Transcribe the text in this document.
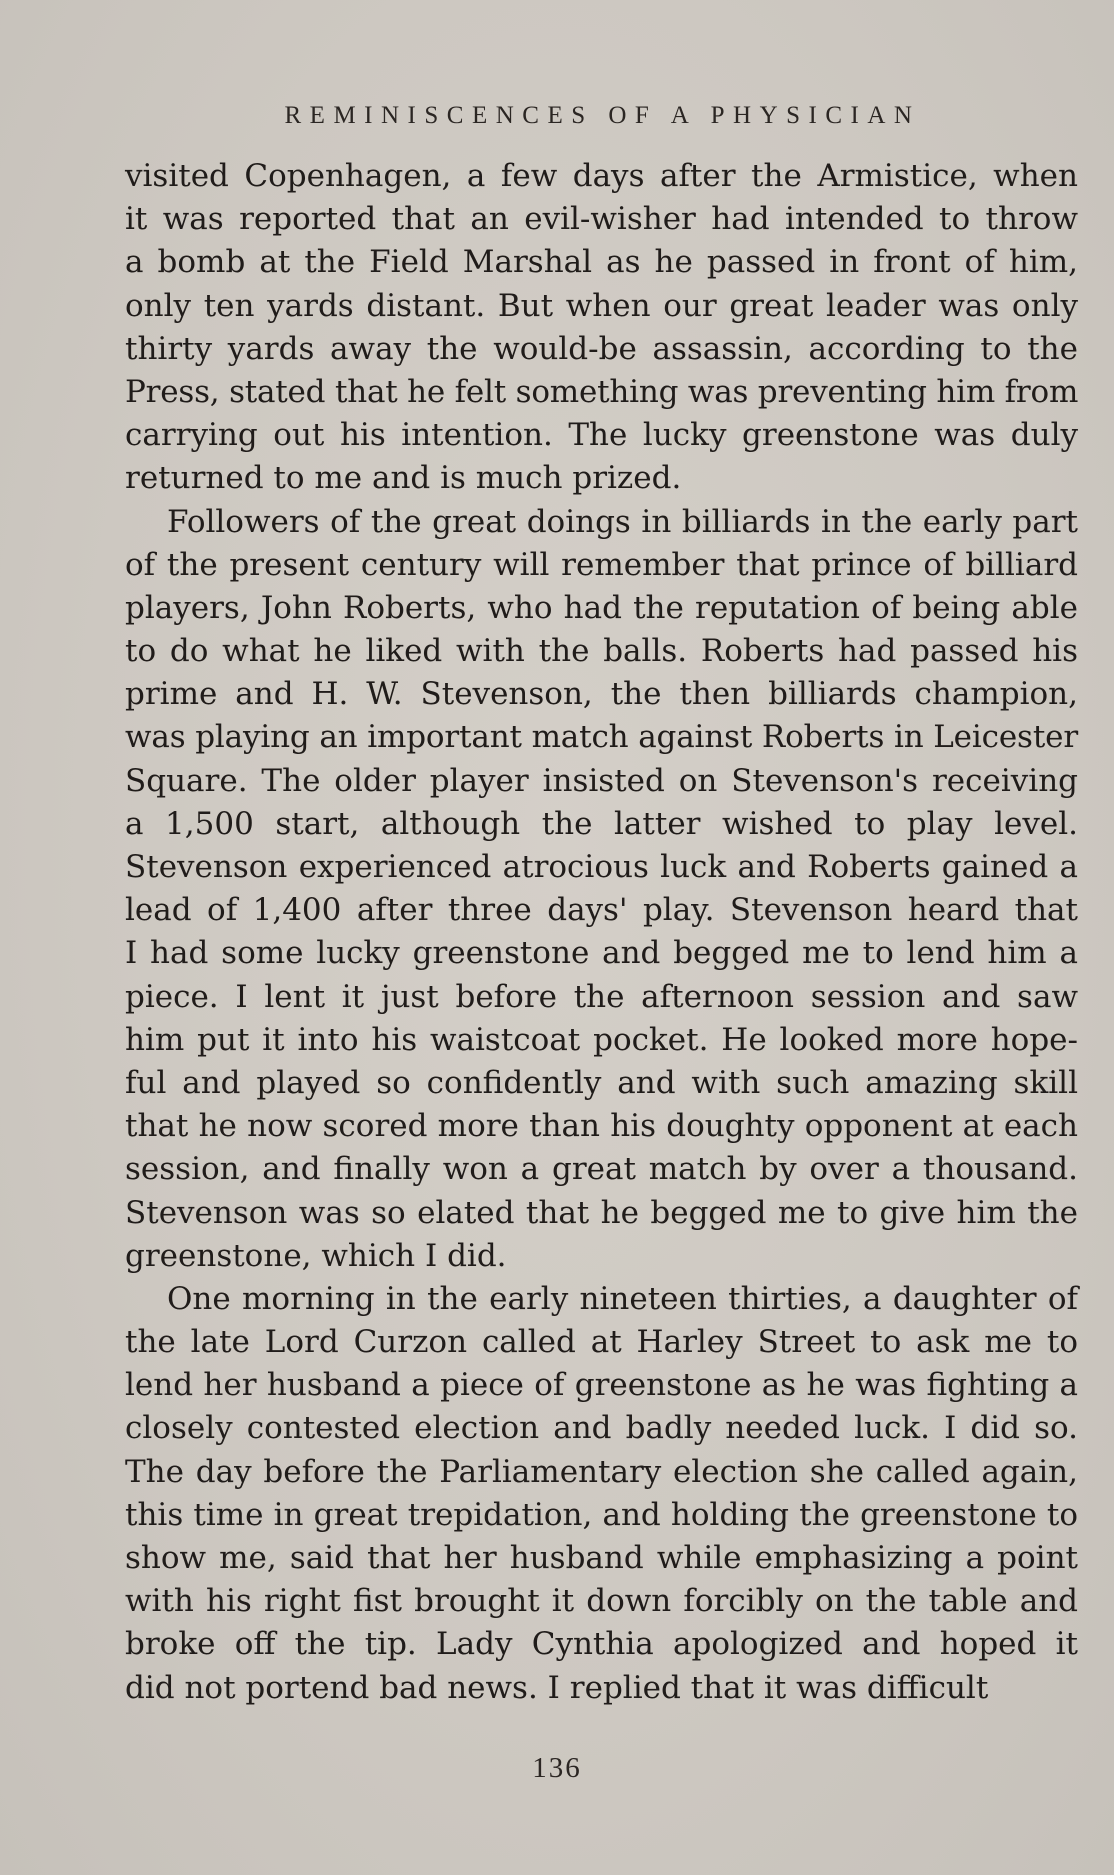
REMINISCENCES OF A PHYSICIAN
visited Copenhagen, a few days after the Armistice, when
it was reported that an evil-wisher had intended to throw
a bomb at the Field Marshal as he passed in front of him,
only ten yards distant. But when our great leader was only
thirty yards away the would-be assassin, according to the
Press, stated that he felt something was preventing him from
carrying out his intention. The lucky greenstone was duly
returned to me and is much prized.
Followers of the great doings in billiards in the early part
of the present century will remember that prince of billiard
players, John Roberts, who had the reputation of being able
to do what he liked with the balls. Roberts had passed his
prime and H. W. Stevenson, the then billiards champion,
was playing an important match against Roberts in Leicester
Square. The older player insisted on Stevenson's receiving
a 1,500 start, although the latter wished to play level.
Stevenson experienced atrocious luck and Roberts gained a
lead of 1,400 after three days' play. Stevenson heard that
I had some lucky greenstone and begged me to lend him a
piece. I lent it just before the afternoon session and saw
him put it into his waistcoat pocket. He looked more hope-
ful and played so confidently and with such amazing skill
that he now scored more than his doughty opponent at each
session, and finally won a great match by over a thousand.
Stevenson was so elated that he begged me to give him the
greenstone, which I did.
One morning in the early nineteen thirties, a daughter of
the late Lord Curzon called at Harley Street to ask me to
lend her husband a piece of greenstone as he was fighting a
closely contested election and badly needed luck. I did so.
The day before the Parliamentary election she called again,
this time in great trepidation, and holding the greenstone to
show me, said that her husband while emphasizing a point
with his right fist brought it down forcibly on the table and
broke off the tip. Lady Cynthia apologized and hoped it
did not portend bad news. I replied that it was difficult
136
